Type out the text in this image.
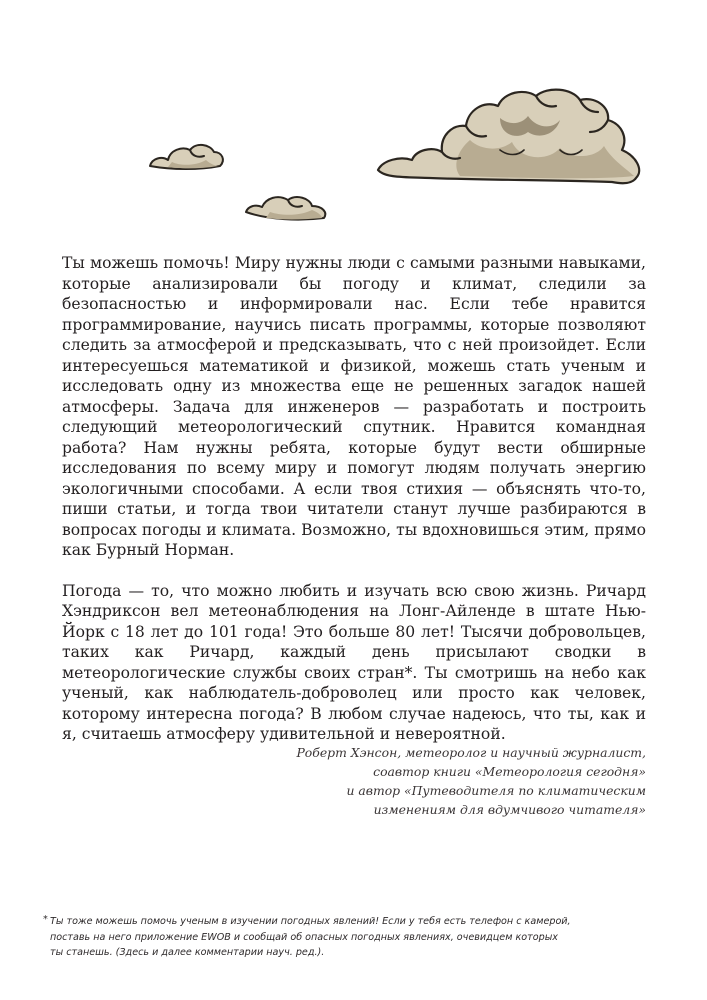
Ты можешь помочь! Миру нужны люди с самыми разными навыками, которые анализировали бы погоду и климат, следили за безопасностью и информировали нас. Если тебе нравится программирование, научись писать программы, которые позволяют следить за атмосферой и предсказывать, что с ней произойдет. Если интересуешься математикой и физикой, можешь стать ученым и исследовать одну из множества еще не решенных загадок нашей атмосферы. Задача для инженеров — разработать и построить следующий метеорологический спутник. Нравится командная работа? Нам нужны ребята, которые будут вести обширные исследования по всему миру и помогут людям получать энергию экологичными способами. А если твоя стихия — объяснять что-то, пиши статьи, и тогда твои читатели станут лучше разбираются в вопросах погоды и климата. Возможно, ты вдохновишься этим, прямо как Бурный Норман.

Погода — то, что можно любить и изучать всю свою жизнь. Ричард Хэндриксон вел метеонаблюдения на Лонг-Айленде в штате Нью-Йорк с 18 лет до 101 года! Это больше 80 лет! Тысячи добровольцев, таких как Ричард, каждый день присылают сводки в метеорологические службы своих стран*. Ты смотришь на небо как ученый, как наблюдатель-доброволец или просто как человек, которому интересна погода? В любом случае надеюсь, что ты, как и я, считаешь атмосферу удивительной и невероятной.

Роберт Хэнсон, метеоролог и научный журналист,
соавтор книги «Метеорология сегодня»
и автор «Путеводителя по климатическим
изменениям для вдумчивого читателя»
* Ты тоже можешь помочь ученым в изучении погодных явлений! Если у тебя есть телефон с камерой,
поставь на него приложение EWOB и сообщай об опасных погодных явлениях, очевидцем которых
ты станешь. (Здесь и далее комментарии науч. ред.).
